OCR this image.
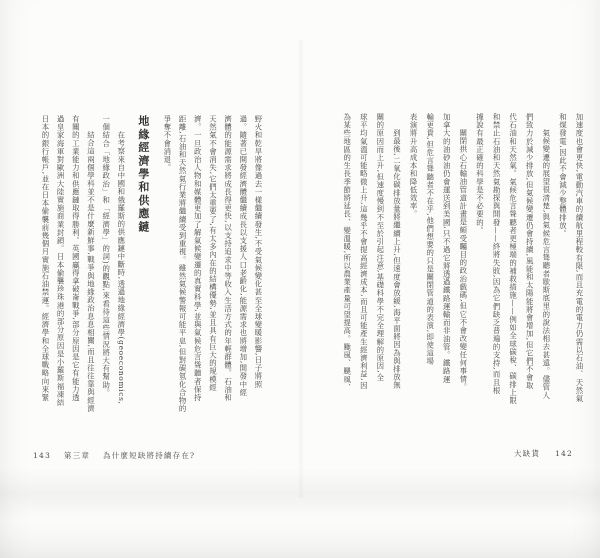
加速度也會更快,電動汽車的續航里程較有限,而且充電的電力仍需以石油、天然氣
和煤發電,因此不會減少整體排放。
氣候變遷的展望很清楚,與氣候危言聳聽者歇斯底里的說法相去甚遠。儘管人
們致力於減少排放,但氣候變遷仍會持續,風能和太陽能將會增加,但它們不會取
代石油和天然氣。氣候危言聳聽者更極端的補救措施——例如全球碳稅、碳排上限
和禁止石油和天然氣勘探與開發——終將失敗,因為它們缺乏普遍的支持,而且根
據說有最正確的科學是不必要的。
關閉拱心石輸油管道計畫是頗受矚目的政治戲碼,但它不會改變任何事情。
加拿大的油砂油仍會運送到美國,只不過它將透過鐵路運輸而非油管。鐵路運
輸更貴,但危言聳聽者不在乎,他們想要的只是關閉管道的表演,即使這場
表演將升高成本和降低效率。
到最後,二氧化碳排放量將繼續上升,但速度會放緩,海平面將因為與排放無
關的原因而上升,但速度慢到不至於引起注意,基礎科學不完全理解的原因,全
球平均氣溫可能略微上升,這幾乎不會提高經濟成本,而且可能產生經濟利益,因
為某些地區的生長季節將延長、變溫暖,所以農業產量可望提高。颱風、颶風、
野火和乾旱將像過去一樣繼續發生,不受氣候變化甚至全球變暖影響,日子將照
過。隨著已開發經濟體繼續成長以支援人口老齡化,能源需求也將增加,開發中經
濟體的能源需求將成長得更快,以支持追求中等收入生活方式的年輕群體。石油和
天然氣不會消失,它們太重要了,有太多內在的結構優勢,並且具有巨大的規模經
濟。一旦政治人物和媒體更加了解氣候變遷的真實科學,並與氣候危言聳聽者保持
距離,石油和天然氣行業將繼續受到重視。雖然氣候警報可能平息,但對碳氫化合物的
爭奪不會消退。
地緣經濟學和供應鏈
在考察來自中國和俄羅斯的供應鏈中斷時,透過地緣經濟學(geoeconomics,
一個結合「地緣政治」和「經濟學」的詞)的觀點,來看待這些情況將大有幫助。
結合這兩個學科並不是什麼新鮮事,戰爭與地緣政治息息相關,而且往往靠與經濟
有關的工業能力和供應鏈取得勝利。英國贏得拿破崙戰爭,部分原因是它有能力透
過皇家海軍對歐洲大陸實施商業封鎖。日本偷襲珍珠港的部分原因是小羅斯福凍結
日本的銀行帳戶,並在日本偷襲前幾個月實施石油禁運。經濟學和全球戰略向來緊
143 第三章 為什麼短缺將持續存在?	大缺貨 142
